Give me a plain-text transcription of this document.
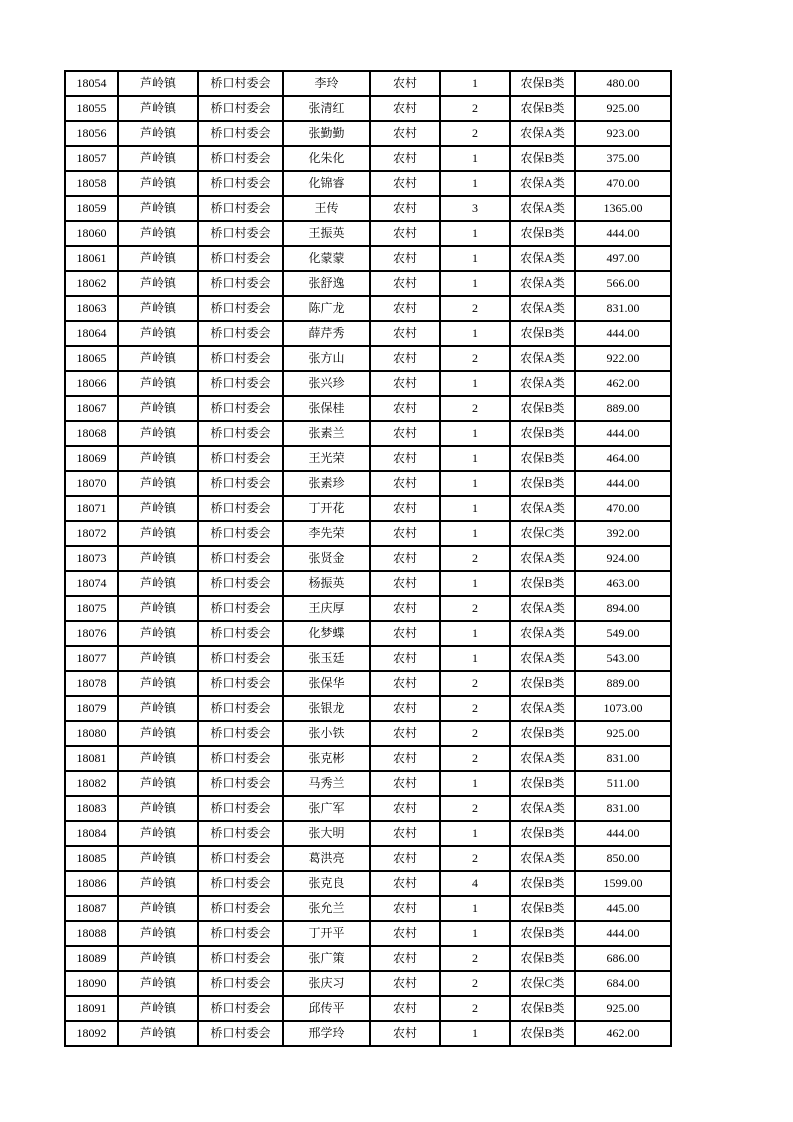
18054	芦岭镇	桥口村委会	李玲	农村	1	农保B类	480.00
18055	芦岭镇	桥口村委会	张清红	农村	2	农保B类	925.00
18056	芦岭镇	桥口村委会	张勤勤	农村	2	农保A类	923.00
18057	芦岭镇	桥口村委会	化朱化	农村	1	农保B类	375.00
18058	芦岭镇	桥口村委会	化锦睿	农村	1	农保A类	470.00
18059	芦岭镇	桥口村委会	王传	农村	3	农保A类	1365.00
18060	芦岭镇	桥口村委会	王振英	农村	1	农保B类	444.00
18061	芦岭镇	桥口村委会	化蒙蒙	农村	1	农保A类	497.00
18062	芦岭镇	桥口村委会	张舒逸	农村	1	农保A类	566.00
18063	芦岭镇	桥口村委会	陈广龙	农村	2	农保A类	831.00
18064	芦岭镇	桥口村委会	薛芹秀	农村	1	农保B类	444.00
18065	芦岭镇	桥口村委会	张方山	农村	2	农保A类	922.00
18066	芦岭镇	桥口村委会	张兴珍	农村	1	农保A类	462.00
18067	芦岭镇	桥口村委会	张保桂	农村	2	农保B类	889.00
18068	芦岭镇	桥口村委会	张素兰	农村	1	农保B类	444.00
18069	芦岭镇	桥口村委会	王光荣	农村	1	农保B类	464.00
18070	芦岭镇	桥口村委会	张素珍	农村	1	农保B类	444.00
18071	芦岭镇	桥口村委会	丁开花	农村	1	农保A类	470.00
18072	芦岭镇	桥口村委会	李先荣	农村	1	农保C类	392.00
18073	芦岭镇	桥口村委会	张贤金	农村	2	农保A类	924.00
18074	芦岭镇	桥口村委会	杨振英	农村	1	农保B类	463.00
18075	芦岭镇	桥口村委会	王庆厚	农村	2	农保A类	894.00
18076	芦岭镇	桥口村委会	化梦蝶	农村	1	农保A类	549.00
18077	芦岭镇	桥口村委会	张玉廷	农村	1	农保A类	543.00
18078	芦岭镇	桥口村委会	张保华	农村	2	农保B类	889.00
18079	芦岭镇	桥口村委会	张银龙	农村	2	农保A类	1073.00
18080	芦岭镇	桥口村委会	张小铁	农村	2	农保B类	925.00
18081	芦岭镇	桥口村委会	张克彬	农村	2	农保A类	831.00
18082	芦岭镇	桥口村委会	马秀兰	农村	1	农保B类	511.00
18083	芦岭镇	桥口村委会	张广军	农村	2	农保A类	831.00
18084	芦岭镇	桥口村委会	张大明	农村	1	农保B类	444.00
18085	芦岭镇	桥口村委会	葛洪亮	农村	2	农保A类	850.00
18086	芦岭镇	桥口村委会	张克良	农村	4	农保B类	1599.00
18087	芦岭镇	桥口村委会	张允兰	农村	1	农保B类	445.00
18088	芦岭镇	桥口村委会	丁开平	农村	1	农保B类	444.00
18089	芦岭镇	桥口村委会	张广策	农村	2	农保B类	686.00
18090	芦岭镇	桥口村委会	张庆习	农村	2	农保C类	684.00
18091	芦岭镇	桥口村委会	邱传平	农村	2	农保B类	925.00
18092	芦岭镇	桥口村委会	邢学玲	农村	1	农保B类	462.00
